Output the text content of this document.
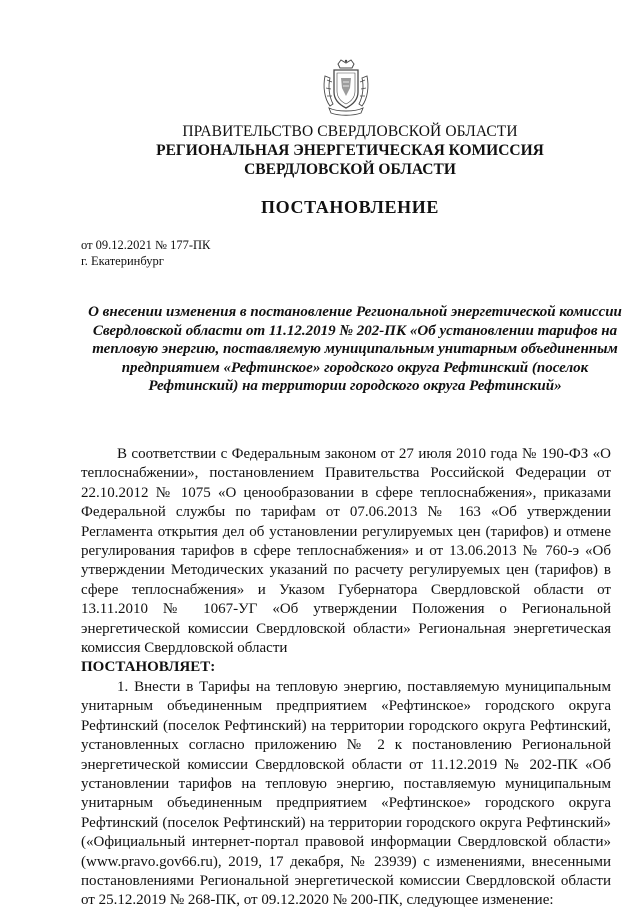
ПРАВИТЕЛЬСТВО СВЕРДЛОВСКОЙ ОБЛАСТИ
РЕГИОНАЛЬНАЯ ЭНЕРГЕТИЧЕСКАЯ КОМИССИЯ
СВЕРДЛОВСКОЙ ОБЛАСТИ
ПОСТАНОВЛЕНИЕ
от 09.12.2021 № 177-ПК
г. Екатеринбург
О внесении изменения в постановление Региональной энергетической комиссии Свердловской области от 11.12.2019 № 202-ПК «Об установлении тарифов на тепловую энергию, поставляемую муниципальным унитарным объединенным предприятием «Рефтинское» городского округа Рефтинский (поселок Рефтинский) на территории городского округа Рефтинский»

В соответствии с Федеральным законом от 27 июля 2010 года № 190-ФЗ «О теплоснабжении», постановлением Правительства Российской Федерации от 22.10.2012 № 1075 «О ценообразовании в сфере теплоснабжения», приказами Федеральной службы по тарифам от 07.06.2013 № 163 «Об утверждении Регламента открытия дел об установлении регулируемых цен (тарифов) и отмене регулирования тарифов в сфере теплоснабжения» и от 13.06.2013 № 760-э «Об утверждении Методических указаний по расчету регулируемых цен (тарифов) в сфере теплоснабжения» и Указом Губернатора Свердловской области от 13.11.2010 № 1067-УГ «Об утверждении Положения о Региональной энергетической комиссии Свердловской области» Региональная энергетическая комиссия Свердловской области

ПОСТАНОВЛЯЕТ:

1. Внести в Тарифы на тепловую энергию, поставляемую муниципальным унитарным объединенным предприятием «Рефтинское» городского округа Рефтинский (поселок Рефтинский) на территории городского округа Рефтинский, установленных согласно приложению № 2 к постановлению Региональной энергетической комиссии Свердловской области от 11.12.2019 № 202-ПК «Об установлении тарифов на тепловую энергию, поставляемую муниципальным унитарным объединенным предприятием «Рефтинское» городского округа Рефтинский (поселок Рефтинский) на территории городского округа Рефтинский» («Официальный интернет-портал правовой информации Свердловской области» (www.pravo.gov66.ru), 2019, 17 декабря, № 23939) с изменениями, внесенными постановлениями Региональной энергетической комиссии Свердловской области от 25.12.2019 № 268-ПК, от 09.12.2020 № 200-ПК, следующее изменение:
